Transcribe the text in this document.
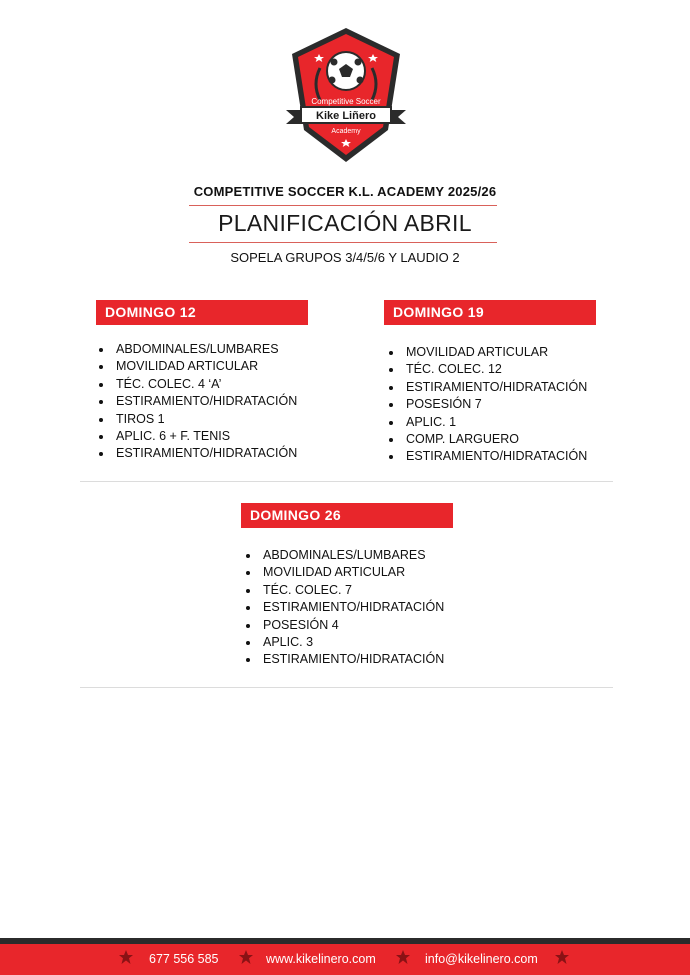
Competitive Soccer
Kike Liñero
Academy
COMPETITIVE SOCCER K.L. ACADEMY 2025/26
PLANIFICACIÓN ABRIL
SOPELA GRUPOS 3/4/5/6 Y LAUDIO 2
DOMINGO 12
ABDOMINALES/LUMBARES
MOVILIDAD ARTICULAR
TÉC. COLEC. 4 ‘A’
ESTIRAMIENTO/HIDRATACIÓN
TIROS 1
APLIC. 6 + F. TENIS
ESTIRAMIENTO/HIDRATACIÓN
DOMINGO 19
MOVILIDAD ARTICULAR
TÉC. COLEC. 12
ESTIRAMIENTO/HIDRATACIÓN
POSESIÓN 7
APLIC. 1
COMP. LARGUERO
ESTIRAMIENTO/HIDRATACIÓN
DOMINGO 26
ABDOMINALES/LUMBARES
MOVILIDAD ARTICULAR
TÉC. COLEC. 7
ESTIRAMIENTO/HIDRATACIÓN
POSESIÓN 4
APLIC. 3
ESTIRAMIENTO/HIDRATACIÓN
677 556 585	www.kikelinero.com	info@kikelinero.com
